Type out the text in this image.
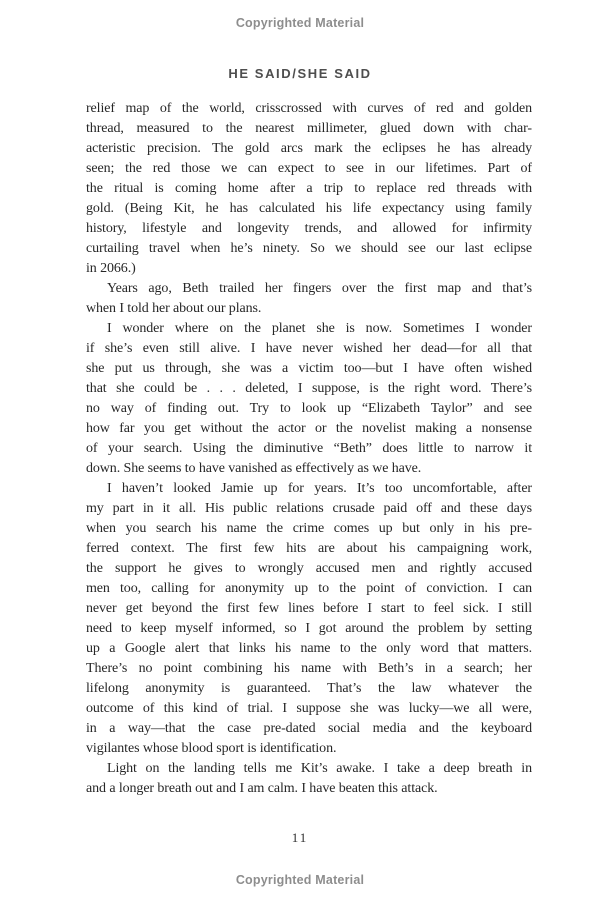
Copyrighted Material
HE SAID/SHE SAID
relief map of the world, crisscrossed with curves of red and golden
thread, measured to the nearest millimeter, glued down with char-
acteristic precision. The gold arcs mark the eclipses he has already
seen; the red those we can expect to see in our lifetimes. Part of
the ritual is coming home after a trip to replace red threads with
gold. (Being Kit, he has calculated his life expectancy using family
history, lifestyle and longevity trends, and allowed for infirmity
curtailing travel when he’s ninety. So we should see our last eclipse
in 2066.)
Years ago, Beth trailed her fingers over the first map and that’s
when I told her about our plans.
I wonder where on the planet she is now. Sometimes I wonder
if she’s even still alive. I have never wished her dead—for all that
she put us through, she was a victim too—but I have often wished
that she could be . . . deleted, I suppose, is the right word. There’s
no way of finding out. Try to look up “Elizabeth Taylor” and see
how far you get without the actor or the novelist making a nonsense
of your search. Using the diminutive “Beth” does little to narrow it
down. She seems to have vanished as effectively as we have.
I haven’t looked Jamie up for years. It’s too uncomfortable, after
my part in it all. His public relations crusade paid off and these days
when you search his name the crime comes up but only in his pre-
ferred context. The first few hits are about his campaigning work,
the support he gives to wrongly accused men and rightly accused
men too, calling for anonymity up to the point of conviction. I can
never get beyond the first few lines before I start to feel sick. I still
need to keep myself informed, so I got around the problem by setting
up a Google alert that links his name to the only word that matters.
There’s no point combining his name with Beth’s in a search; her
lifelong anonymity is guaranteed. That’s the law whatever the
outcome of this kind of trial. I suppose she was lucky—we all were,
in a way—that the case pre-dated social media and the keyboard
vigilantes whose blood sport is identification.
Light on the landing tells me Kit’s awake. I take a deep breath in
and a longer breath out and I am calm. I have beaten this attack.
11
Copyrighted Material
